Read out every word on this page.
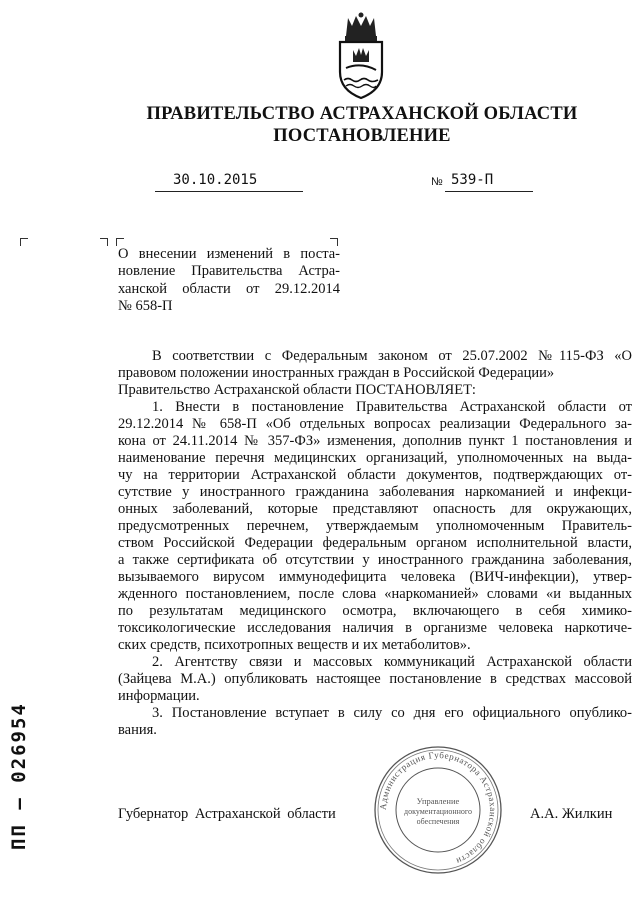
ПРАВИТЕЛЬСТВО АСТРАХАНСКОЙ ОБЛАСТИ
ПОСТАНОВЛЕНИЕ
30.10.2015	№ 539-П
О внесении изменений в поста-
новление Правительства Астра-
ханской области от 29.12.2014
№ 658-П
В соответствии с Федеральным законом от 25.07.2002 №115-ФЗ «О
правовом положении иностранных граждан в Российской Федерации»
Правительство Астраханской области ПОСТАНОВЛЯЕТ:
1. Внести в постановление Правительства Астраханской области от
29.12.2014 № 658-П «Об отдельных вопросах реализации Федерального за-
кона от 24.11.2014 № 357-ФЗ» изменения, дополнив пункт 1 постановления и
наименование перечня медицинских организаций, уполномоченных на выда-
чу на территории Астраханской области документов, подтверждающих от-
сутствие у иностранного гражданина заболевания наркоманией и инфекци-
онных заболеваний, которые представляют опасность для окружающих,
предусмотренных перечнем, утверждаемым уполномоченным Правитель-
ством Российской Федерации федеральным органом исполнительной власти,
а также сертификата об отсутствии у иностранного гражданина заболевания,
вызываемого вирусом иммунодефицита человека (ВИЧ-инфекции), утвер-
жденного постановлением, после слова «наркоманией» словами «и выданных
по результатам медицинского осмотра, включающего в себя химико-
токсикологические исследования наличия в организме человека наркотиче-
ских средств, психотропных веществ и их метаболитов».
2. Агентству связи и массовых коммуникаций Астраханской области
(Зайцева М.А.) опубликовать настоящее постановление в средствах массовой
информации.
3. Постановление вступает в силу со дня его официального опублико-
вания.
Губернатор Астраханской области	А.А. Жилкин
Администрация Губернатора Астраханской области
Управление
документационного
обеспечения
ПП – 026954
